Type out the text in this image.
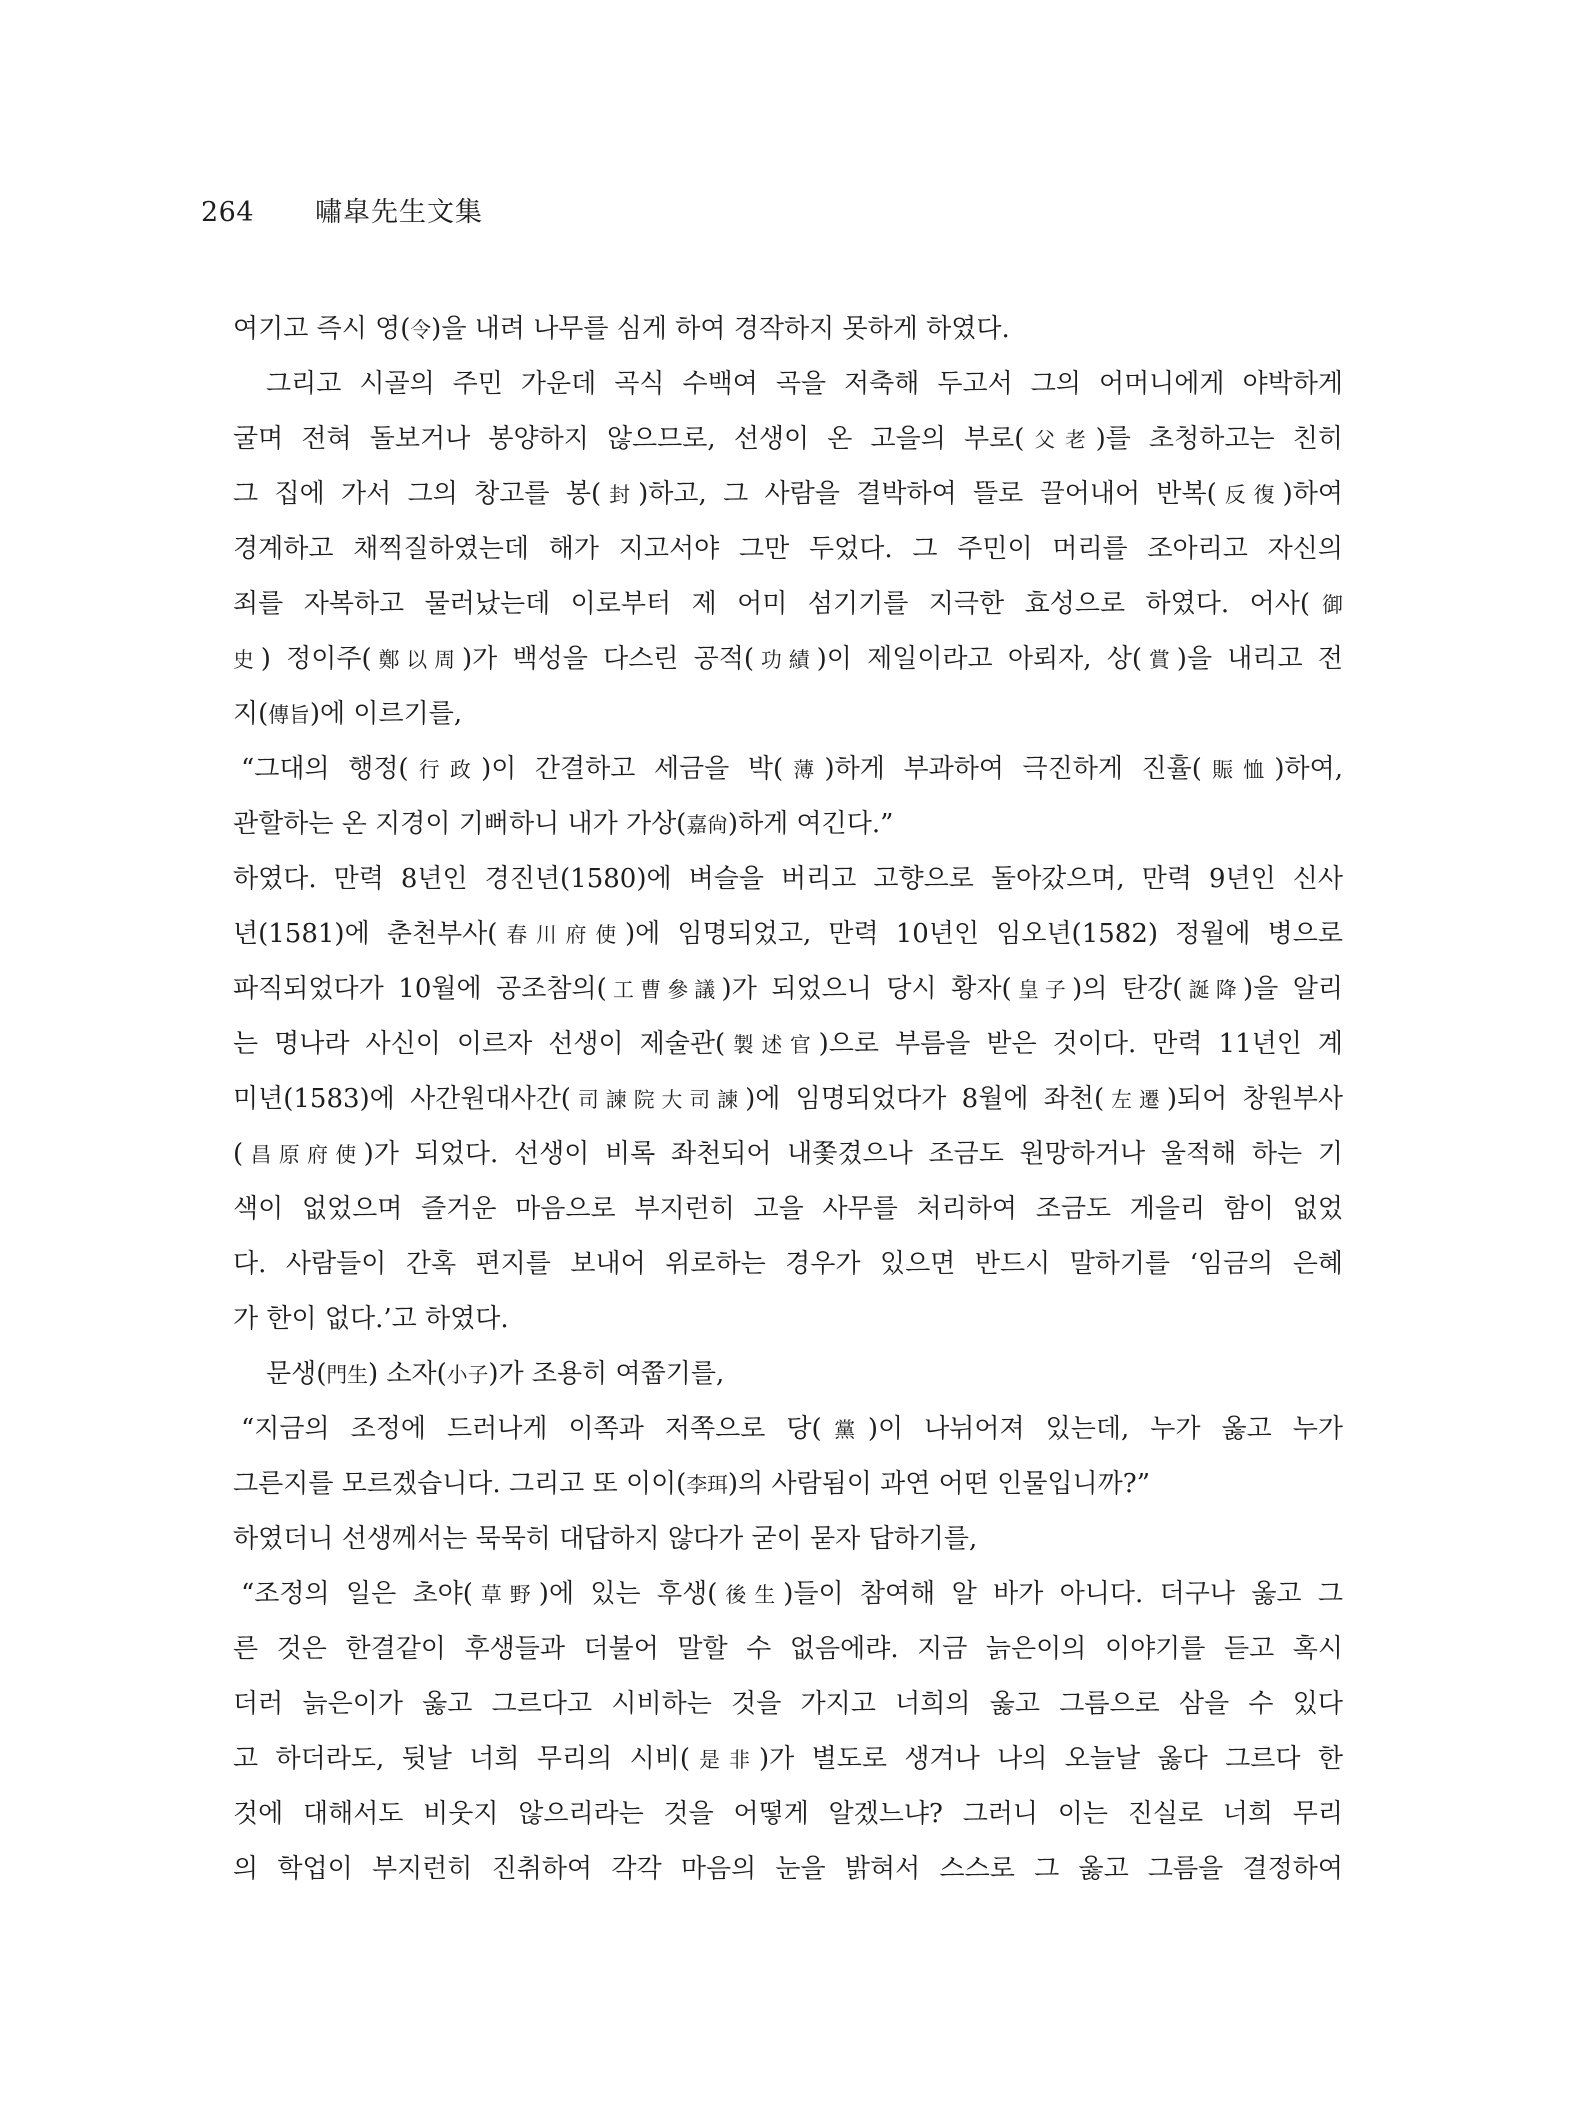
264 嘯皐先生文集
여기고 즉시 영(令)을 내려 나무를 심게 하여 경작하지 못하게 하였다.
그리고 시골의 주민 가운데 곡식 수백여 곡을 저축해 두고서 그의 어머니에게 야박하게
굴며 전혀 돌보거나 봉양하지 않으므로, 선생이 온 고을의 부로(父老)를 초청하고는 친히
그 집에 가서 그의 창고를 봉(封)하고, 그 사람을 결박하여 뜰로 끌어내어 반복(反復)하여
경계하고 채찍질하였는데 해가 지고서야 그만 두었다. 그 주민이 머리를 조아리고 자신의
죄를 자복하고 물러났는데 이로부터 제 어미 섬기기를 지극한 효성으로 하였다. 어사(御
史) 정이주(鄭以周)가 백성을 다스린 공적(功績)이 제일이라고 아뢰자, 상(賞)을 내리고 전
지(傳旨)에 이르기를,
“그대의 행정(行政)이 간결하고 세금을 박(薄)하게 부과하여 극진하게 진휼(賑恤)하여,
관할하는 온 지경이 기뻐하니 내가 가상(嘉尙)하게 여긴다.”
하였다. 만력 8년인 경진년(1580)에 벼슬을 버리고 고향으로 돌아갔으며, 만력 9년인 신사
년(1581)에 춘천부사(春川府使)에 임명되었고, 만력 10년인 임오년(1582) 정월에 병으로
파직되었다가 10월에 공조참의(工曹參議)가 되었으니 당시 황자(皇子)의 탄강(誕降)을 알리
는 명나라 사신이 이르자 선생이 제술관(製述官)으로 부름을 받은 것이다. 만력 11년인 계
미년(1583)에 사간원대사간(司諫院大司諫)에 임명되었다가 8월에 좌천(左遷)되어 창원부사
(昌原府使)가 되었다. 선생이 비록 좌천되어 내쫓겼으나 조금도 원망하거나 울적해 하는 기
색이 없었으며 즐거운 마음으로 부지런히 고을 사무를 처리하여 조금도 게을리 함이 없었
다. 사람들이 간혹 편지를 보내어 위로하는 경우가 있으면 반드시 말하기를 ‘임금의 은혜
가 한이 없다.’고 하였다.
문생(門生) 소자(小子)가 조용히 여쭙기를,
“지금의 조정에 드러나게 이쪽과 저쪽으로 당(黨)이 나뉘어져 있는데, 누가 옳고 누가
그른지를 모르겠습니다. 그리고 또 이이(李珥)의 사람됨이 과연 어떤 인물입니까?”
하였더니 선생께서는 묵묵히 대답하지 않다가 굳이 묻자 답하기를,
“조정의 일은 초야(草野)에 있는 후생(後生)들이 참여해 알 바가 아니다. 더구나 옳고 그
른 것은 한결같이 후생들과 더불어 말할 수 없음에랴. 지금 늙은이의 이야기를 듣고 혹시
더러 늙은이가 옳고 그르다고 시비하는 것을 가지고 너희의 옳고 그름으로 삼을 수 있다
고 하더라도, 뒷날 너희 무리의 시비(是非)가 별도로 생겨나 나의 오늘날 옳다 그르다 한
것에 대해서도 비웃지 않으리라는 것을 어떻게 알겠느냐? 그러니 이는 진실로 너희 무리
의 학업이 부지런히 진취하여 각각 마음의 눈을 밝혀서 스스로 그 옳고 그름을 결정하여
